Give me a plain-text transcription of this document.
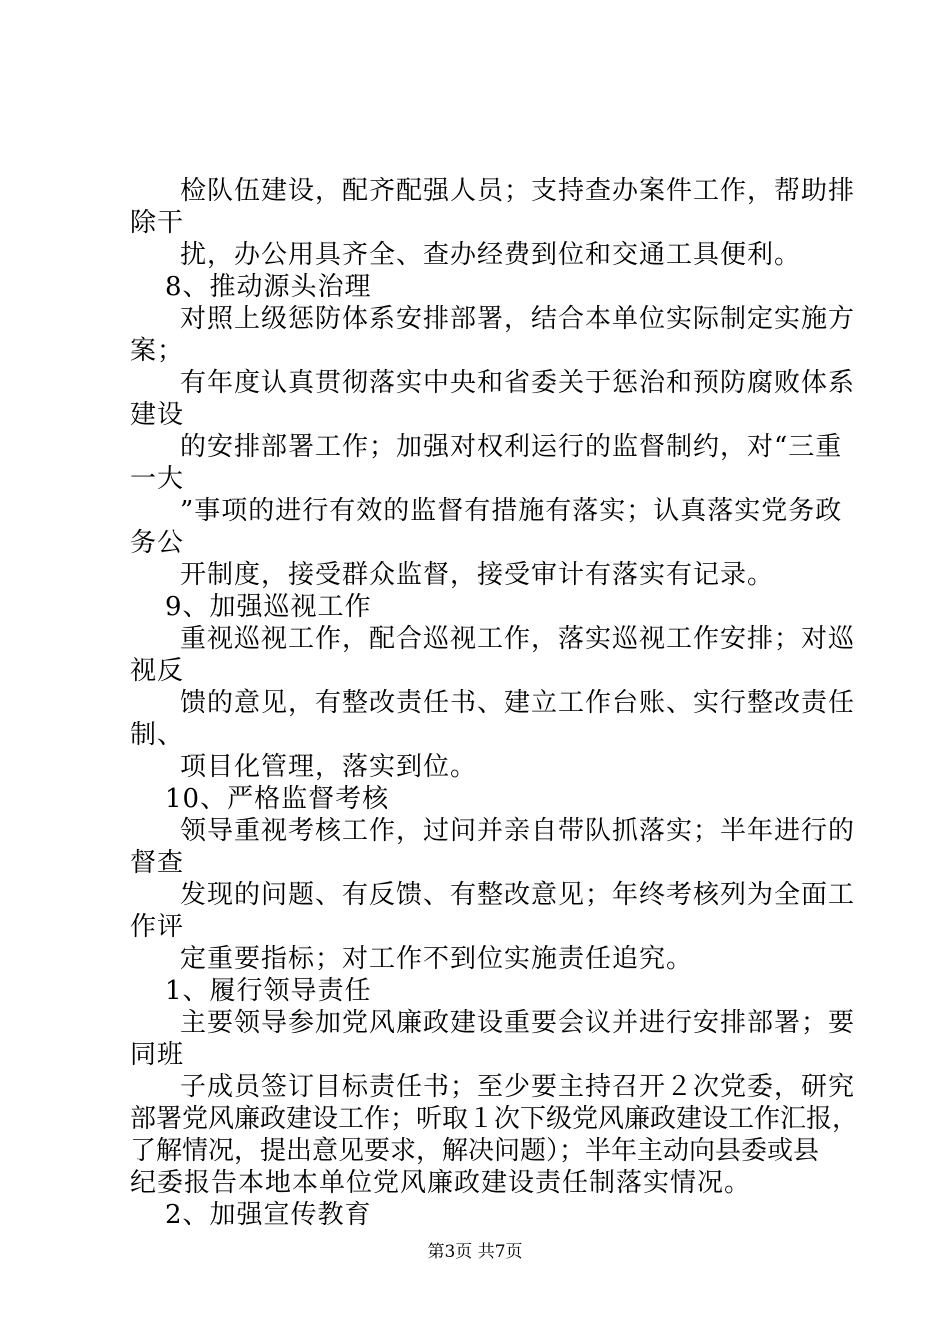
检队伍建设，配齐配强人员；支持查办案件工作，帮助排
除干
扰，办公用具齐全、查办经费到位和交通工具便利。
8、推动源头治理
对照上级惩防体系安排部署，结合本单位实际制定实施方
案；
有年度认真贯彻落实中央和省委关于惩治和预防腐败体系
建设
的安排部署工作；加强对权利运行的监督制约，对“三重
一大
”事项的进行有效的监督有措施有落实；认真落实党务政
务公
开制度，接受群众监督，接受审计有落实有记录。
9、加强巡视工作
重视巡视工作，配合巡视工作，落实巡视工作安排；对巡
视反
馈的意见，有整改责任书、建立工作台账、实行整改责任
制、
项目化管理，落实到位。
10、严格监督考核
领导重视考核工作，过问并亲自带队抓落实；半年进行的
督查
发现的问题、有反馈、有整改意见；年终考核列为全面工
作评
定重要指标；对工作不到位实施责任追究。
1、履行领导责任
主要领导参加党风廉政建设重要会议并进行安排部署；要
同班
子成员签订目标责任书；至少要主持召开２次党委，研究
部署党风廉政建设工作；听取１次下级党风廉政建设工作汇报，
了解情况，提出意见要求，解决问题）；半年主动向县委或县
纪委报告本地本单位党风廉政建设责任制落实情况。
2、加强宣传教育
第3页 共7页
